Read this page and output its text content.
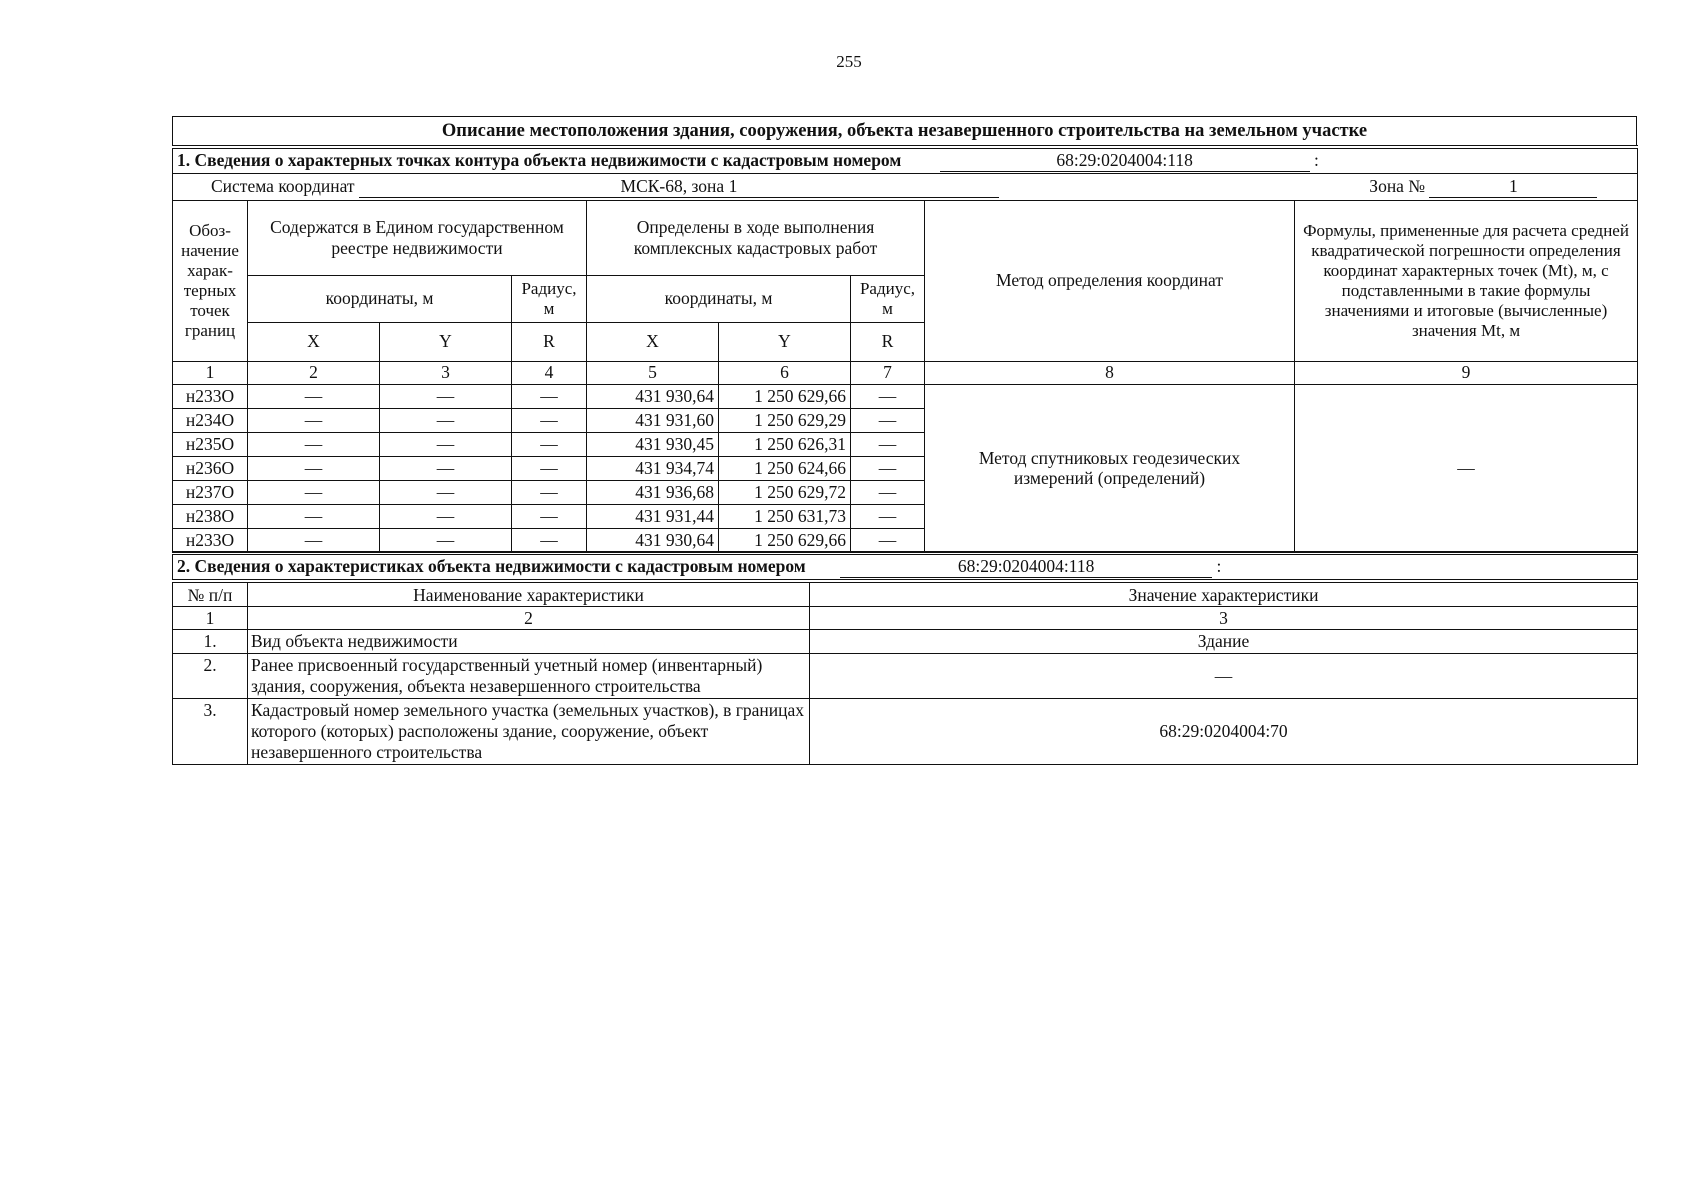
255
Описание местоположения здания, сооружения, объекта незавершенного строительства на земельном участке
1. Сведения о характерных точках контура объекта недвижимости с кадастровым номером 68:29:0204004:118 :								
Система координат МСК-68, зона 1 Зона № 1								
Обоз-начение харак-терных точек границ	Содержатся в Едином государственном реестре недвижимости			Определены в ходе выполнения комплексных кадастровых работ			Метод определения координат	Формулы, примененные для расчета средней квадратической погрешности определения координат характерных точек (Mt), м, с подставленными в такие формулы значениями и итоговые (вычисленные) значения Mt, м
	координаты, м		Радиус, м	координаты, м		Радиус, м		
	X	Y	R	X	Y	R		
1	2	3	4	5	6	7	8	9
н233О	—	—	—	431 930,64	1 250 629,66	—	Метод спутниковых геодезических измерений (определений)	—
н234О	—	—	—	431 931,60	1 250 629,29	—		
н235О	—	—	—	431 930,45	1 250 626,31	—		
н236О	—	—	—	431 934,74	1 250 624,66	—		
н237О	—	—	—	431 936,68	1 250 629,72	—		
н238О	—	—	—	431 931,44	1 250 631,73	—		
н233О	—	—	—	431 930,64	1 250 629,66	—		
2. Сведения о характеристиках объекта недвижимости с кадастровым номером 68:29:0204004:118 :		
№ п/п	Наименование характеристики	Значение характеристики
1	2	3
1.	Вид объекта недвижимости	Здание
2.	Ранее присвоенный государственный учетный номер (инвентарный) здания, сооружения, объекта незавершенного строительства	—
3.	Кадастровый номер земельного участка (земельных участков), в границах которого (которых) расположены здание, сооружение, объект незавершенного строительства	68:29:0204004:70
